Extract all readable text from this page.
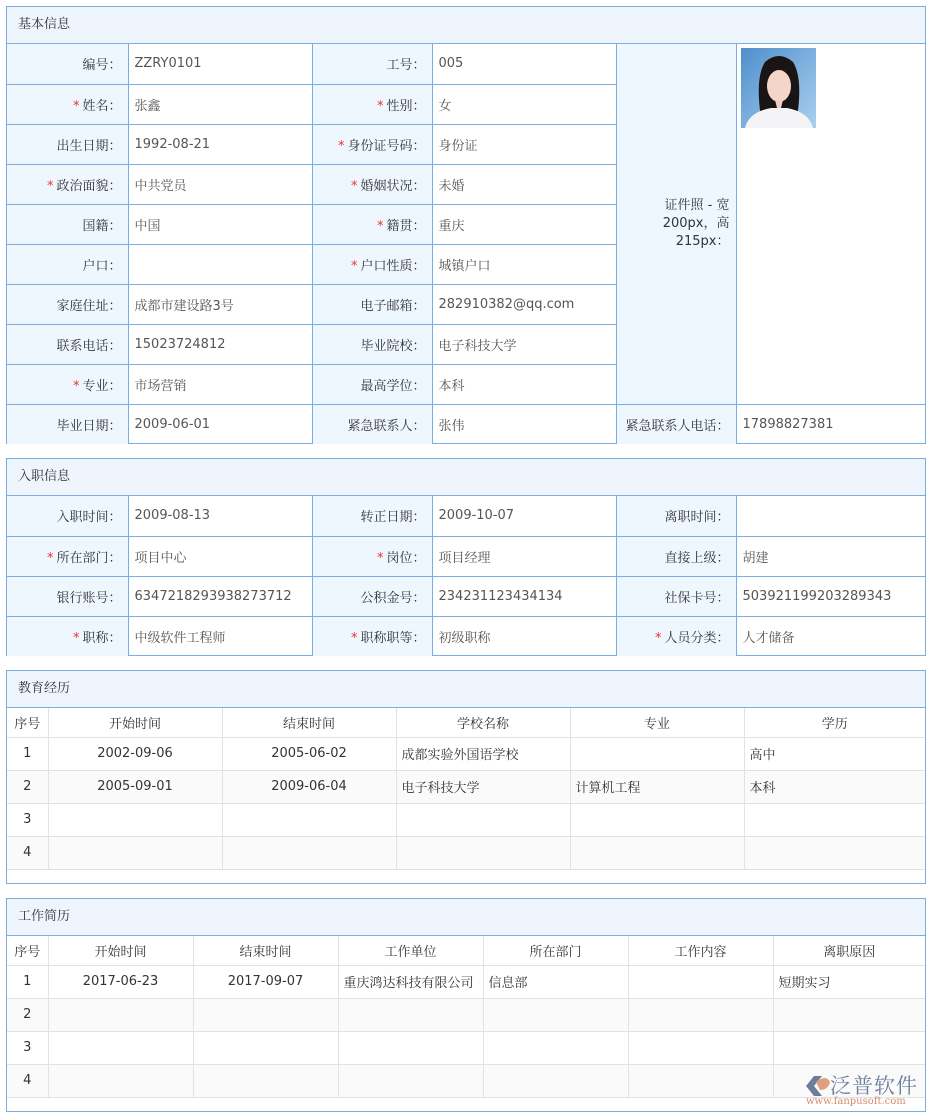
基本信息
编号：	ZZRY0101	工号：	005	证件照 - 宽200px，高215px：	

* 姓名：	张鑫	* 性别：	女		
出生日期：	1992-08-21	* 身份证号码：	身份证		
* 政治面貌：	中共党员	* 婚姻状况：	未婚		
国籍：	中国	* 籍贯：	重庆		
户口：		* 户口性质：	城镇户口		
家庭住址：	成都市建设路3号	电子邮箱：	282910382@qq.com		
联系电话：	15023724812	毕业院校：	电子科技大学		
* 专业：	市场营销	最高学位：	本科		
毕业日期：	2009-06-01	紧急联系人：	张伟	紧急联系人电话：	17898827381
入职信息
入职时间：	2009-08-13	转正日期：	2009-10-07	离职时间：	
* 所在部门：	项目中心	* 岗位：	项目经理	直接上级：	胡建
银行账号：	6347218293938273712	公积金号：	234231123434134	社保卡号：	503921199203289343
* 职称：	中级软件工程师	* 职称职等：	初级职称	* 人员分类：	人才储备
教育经历
序号	开始时间	结束时间	学校名称	专业	学历
1	2002-09-06	2005-06-02	成都实验外国语学校		高中
2	2005-09-01	2009-06-04	电子科技大学	计算机工程	本科
3					
4					
工作简历
序号	开始时间	结束时间	工作单位	所在部门	工作内容	离职原因
1	2017-06-23	2017-09-07	重庆鸿达科技有限公司	信息部		短期实习
2						
3						
4							泛普软件
www.fanpusoft.com
